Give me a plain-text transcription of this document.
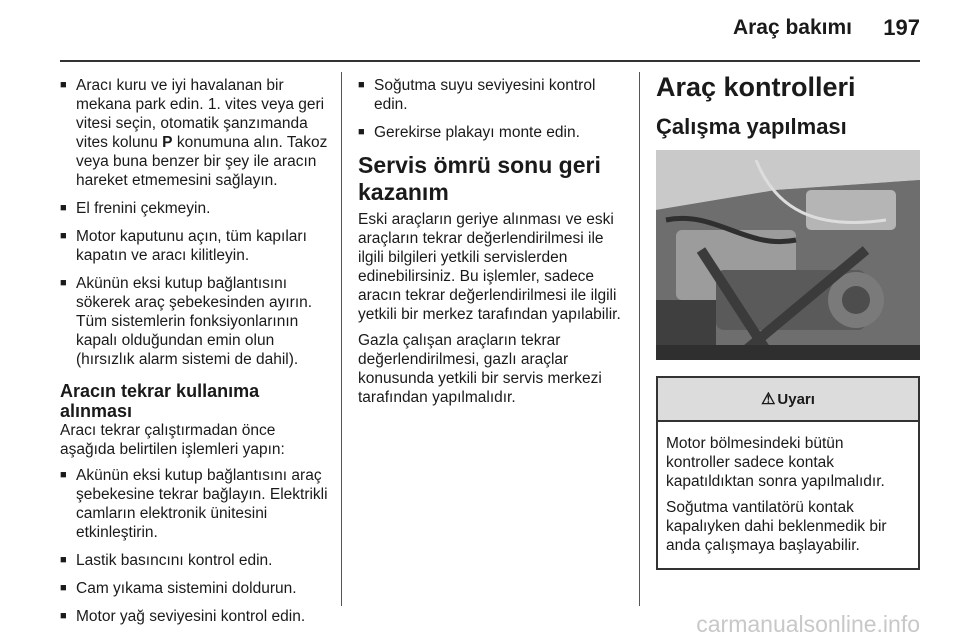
Araç bakımı 197
■ Aracı kuru ve iyi havalanan bir mekana park edin. 1. vites veya geri vitesi seçin, otomatik şanzımanda vites kolunu P konumuna alın. Takoz veya buna benzer bir şey ile aracın hareket etmemesini sağlayın.
■ El frenini çekmeyin.
■ Motor kaputunu açın, tüm kapıları kapatın ve aracı kilitleyin.
■ Akünün eksi kutup bağlantısını sökerek araç şebekesinden ayırın. Tüm sistemlerin fonksiyonlarının kapalı olduğundan emin olun (hırsızlık alarm sistemi de dahil).
Aracın tekrar kullanıma alınması

Aracı tekrar çalıştırmadan önce aşağıda belirtilen işlemleri yapın:

■ Akünün eksi kutup bağlantısını araç şebekesine tekrar bağlayın. Elektrikli camların elektronik ünitesini etkinleştirin.
■ Lastik basıncını kontrol edin.
■ Cam yıkama sistemini doldurun.
■ Motor yağ seviyesini kontrol edin.
■ Soğutma suyu seviyesini kontrol edin.
■ Gerekirse plakayı monte edin.
Servis ömrü sonu geri kazanım

Eski araçların geriye alınması ve eski araçların tekrar değerlendirilmesi ile ilgili bilgileri yetkili servislerden edinebilirsiniz. Bu işlemler, sadece aracın tekrar değerlendirilmesi ile ilgili yetkili bir merkez tarafından yapılabilir.

Gazla çalışan araçların tekrar değerlendirilmesi, gazlı araçlar konusunda yetkili bir servis merkezi tarafından yapılmalıdır.

Araç kontrolleri
Çalışma yapılması
⚠ Uyarı

Motor bölmesindeki bütün kontroller sadece kontak kapatıldıktan sonra yapılmalıdır.

Soğutma vantilatörü kontak kapalıyken dahi beklenmedik bir anda çalışmaya başlayabilir.

carmanualsonline.info
